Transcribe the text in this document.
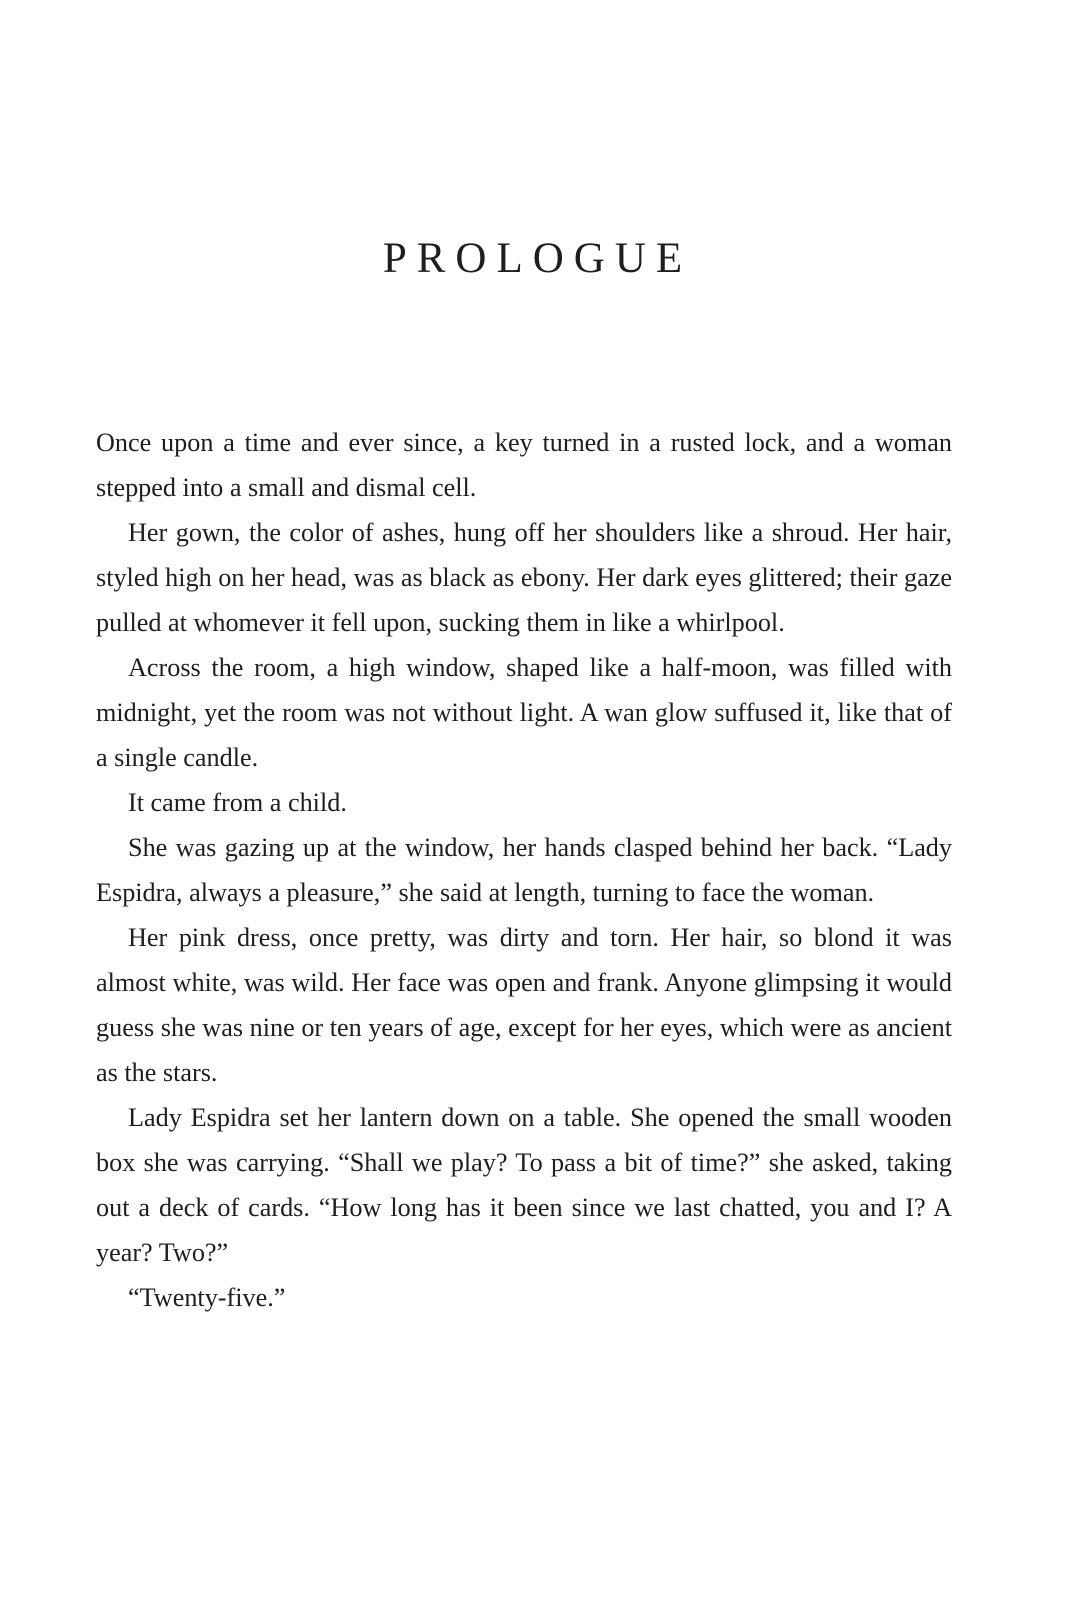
PROLOGUE

Once upon a time and ever since, a key turned in a rusted lock, and a woman stepped into a small and dismal cell.

Her gown, the color of ashes, hung off her shoulders like a shroud. Her hair, styled high on her head, was as black as ebony. Her dark eyes glittered; their gaze pulled at whomever it fell upon, sucking them in like a whirlpool.

Across the room, a high window, shaped like a half-moon, was filled with midnight, yet the room was not without light. A wan glow suffused it, like that of a single candle.

It came from a child.

She was gazing up at the window, her hands clasped behind her back. “Lady Espidra, always a pleasure,” she said at length, turning to face the woman.

Her pink dress, once pretty, was dirty and torn. Her hair, so blond it was almost white, was wild. Her face was open and frank. Anyone glimpsing it would guess she was nine or ten years of age, except for her eyes, which were as ancient as the stars.

Lady Espidra set her lantern down on a table. She opened the small wooden box she was carrying. “Shall we play? To pass a bit of time?” she asked, taking out a deck of cards. “How long has it been since we last chatted, you and I? A year? Two?”

“Twenty-five.”
